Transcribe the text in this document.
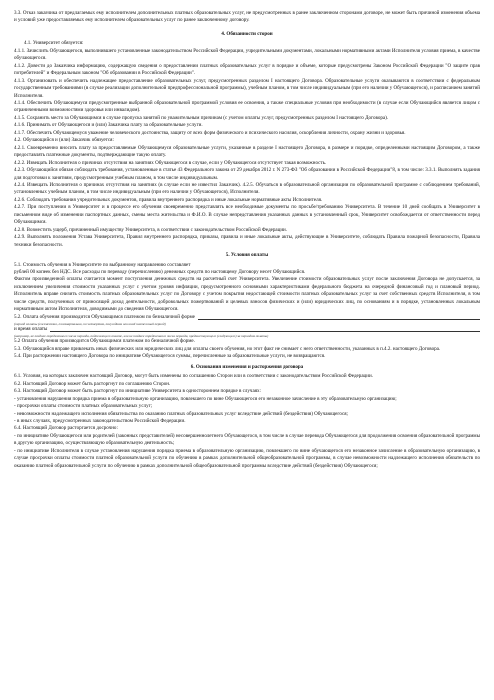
3.3. Отказ заказчика от предлагаемых ему исполнителем дополнительных платных образовательных услуг, не предусмотренных в ранее заключенном сторонами договоре, не может быть причиной изменения объема и условий уже предоставляемых ему исполнителем образовательных услуг по ранее заключенному договору.

4. Обязанности сторон

4.1. Университет обязуется:

4.1.1. Зачислить Обучающегося, выполнившего установленные законодательством Российской Федерации, учредительными документами, локальными нормативными актами Исполнителя условия приема, в качестве обучающегося.

4.1.2. Довести до Заказчика информацию, содержащую сведения о предоставлении платных образовательных услуг в порядке и объеме, которые предусмотрены Законом Российской Федерации "О защите прав потребителей" и Федеральным законом "Об образовании в Российской Федерации".

4.1.3. Организовать и обеспечить надлежащее предоставление образовательных услуг, предусмотренных разделом I настоящего Договора. Образовательные услуги оказываются в соответствии с федеральным государственным требованиями (в случае реализации дополнительной предпрофессиональной программы), учебным планом, в том числе индивидуальным (при его наличии у Обучающегося), и расписанием занятий Исполнителя.

4.1.4. Обеспечить Обучающемуся предусмотренные выбранной образовательной программой условия ее освоения, а также специальные условия при необходимости (в случае если Обучающийся является лицом с ограниченными возможностями здоровья или инвалидом).

4.1.5. Сохранить место за Обучающимся в случае пропуска занятий по уважительным причинам (с учетом оплаты услуг, предусмотренных разделом I настоящего Договора).

4.1.6. Принимать от Обучающегося и (или) Заказчика плату за образовательные услуги.

4.1.7. Обеспечить Обучающемуся уважение человеческого достоинства, защиту от всех форм физического и психического насилия, оскорбления личности, охрану жизни и здоровья.

4.2. Обучающийся и (или) Заказчик обязуется:

4.2.1. Своевременно вносить плату за предоставляемые Обучающемуся образовательные услуги, указанные в разделе I настоящего Договора, в размере и порядке, определенными настоящим Договором, а также предоставлять платежные документы, подтверждающие такую оплату.

4.2.2. Извещать Исполнителя о причинах отсутствия на занятиях Обучающегося в случае, если у Обучающегося отсутствует такая возможность.

4.2.3. Обучающийся обязан соблюдать требования, установленные в статье 43 Федерального закона от 29 декабря 2012 г. N 273-ФЗ "Об образовании в Российской Федерации"8, в том числе: 3.3.1. Выполнять задания для подготовки к занятиям, предусмотренным учебным планом, в том числе индивидуальным.

4.2.4. Извещать Исполнителя о причинах отсутствия на занятиях (в случае если не известил Заказчик). 4.2.5. Обучаться в образовательной организации по образовательной программе с соблюдением требований, установленных учебным планом, в том числе индивидуальным (при его наличии у Обучающегося), Исполнителя.

4.2.6. Соблюдать требования учредительных документов, правила внутреннего распорядка и иные локальные нормативные акты Исполнителя.

4.2.7. При поступлении в Университет и в процессе его обучения своевременно представлять все необходимые документы по просьбе/требованию Университета. В течение 10 дней сообщать в Университет в письменном виде об изменении паспортных данных, смены места жительства и Ф.И.О. В случае непредставления указанных данных в установленный срок, Университет освобождается от ответственности перед Обучающимся.

4.2.8. Возместить ущерб, причиненный имуществу Университета, в соответствии с законодательством Российской Федерации.

4.2.9. Выполнять положения Устава Университета, Правил внутреннего распорядка, приказы, правила и иные локальные акты, действующие в Университете, соблюдать Правила пожарной безопасности, Правила техники безопасности.

5. Условия оплаты

5.1. Стоимость обучения в Университете по выбранному направлению составляет

рублей 00 копеек без НДС. Все расходы по переводу (перечислению) денежных средств по настоящему Договору несет Обучающийся.

Фактом произведенной оплаты считается момент поступления денежных средств на расчетный счет Университета. Увеличение стоимости образовательных услуг после заключения Договора не допускается, за исключением увеличения стоимости указанных услуг с учетом уровня инфляции, предусмотренного основными характеристиками федерального бюджета на очередной финансовый год и плановый период. Исполнитель вправе снизить стоимость платных образовательных услуг по Договору с учетом покрытия недостающей стоимости платных образовательных услуг за счет собственных средств Исполнителя, в том числе средств, полученных от приносящей доход деятельности, добровольных пожертвований и целевых взносов физических и (или) юридических лиц, по основаниям и в порядке, установленных локальным нормативным актом Исполнителя, доводимыми до сведения Обучающегося.

5.2. Оплата обучения производится Обучающимся платежом по безналичной форме

(период оплаты (ежемесячно, ежеквартально, по четвертям, полугодиям или иной платежный период)

и время оплаты

(например, не позднее определенного числа периода, подлежащего оплате, или не позднее определенного числа периода, предшествующего (следующего) за периодом оплаты)

5.2 Оплата обучения производится Обучающимся платежом по безналичной форме.

5.3. Обучающийся вправе привлекать иных физических или юридических лиц для оплаты своего обучения, но этот факт не снимает с него ответственности, указанных в п.4.2. настоящего Договора.

5.4. При расторжении настоящего Договора по инициативе Обучающегося суммы, перечисленные за образовательные услуги, не возвращаются.

6. Основания изменения и расторжения договора

6.1. Условия, на которых заключен настоящий Договор, могут быть изменены по соглашению Сторон или в соответствии с законодательством Российской Федерации.

6.2. Настоящий Договор может быть расторгнут по соглашению Сторон.

6.3. Настоящий Договор может быть расторгнут по инициативе Университета в одностороннем порядке в случаях:

- установления нарушения порядка приема в образовательную организацию, повлекшего по вине Обучающегося его незаконное зачисление в эту образовательную организацию;

- просрочки оплаты стоимости платных образовательных услуг;

- невозможности надлежащего исполнения обязательства по оказанию платных образовательных услуг вследствие действий (бездействия) Обучающегося;

- в иных случаях, предусмотренных законодательством Российской Федерации.

6.4. Настоящий Договор расторгается досрочно:

- по инициативе Обучающегося или родителей (законных представителей) несовершеннолетнего Обучающегося, в том числе в случае перевода Обучающегося для продолжения освоения образовательной программы в другую организацию, осуществляющую образовательную деятельность;

- по инициативе Исполнителя в случае установления нарушения порядка приема в образовательную организацию, повлекшего по вине обучающегося его незаконное зачисление в образовательную организацию, в случае просрочки оплаты стоимости платной образовательной услуги по обучению в рамках дополнительной общеобразовательной программы, в случае невозможности надлежащего исполнения обязательств по оказанию платной образовательной услуги по обучению в рамках дополнительной общеобразовательной программы вследствие действий (бездействия) Обучающегося;
